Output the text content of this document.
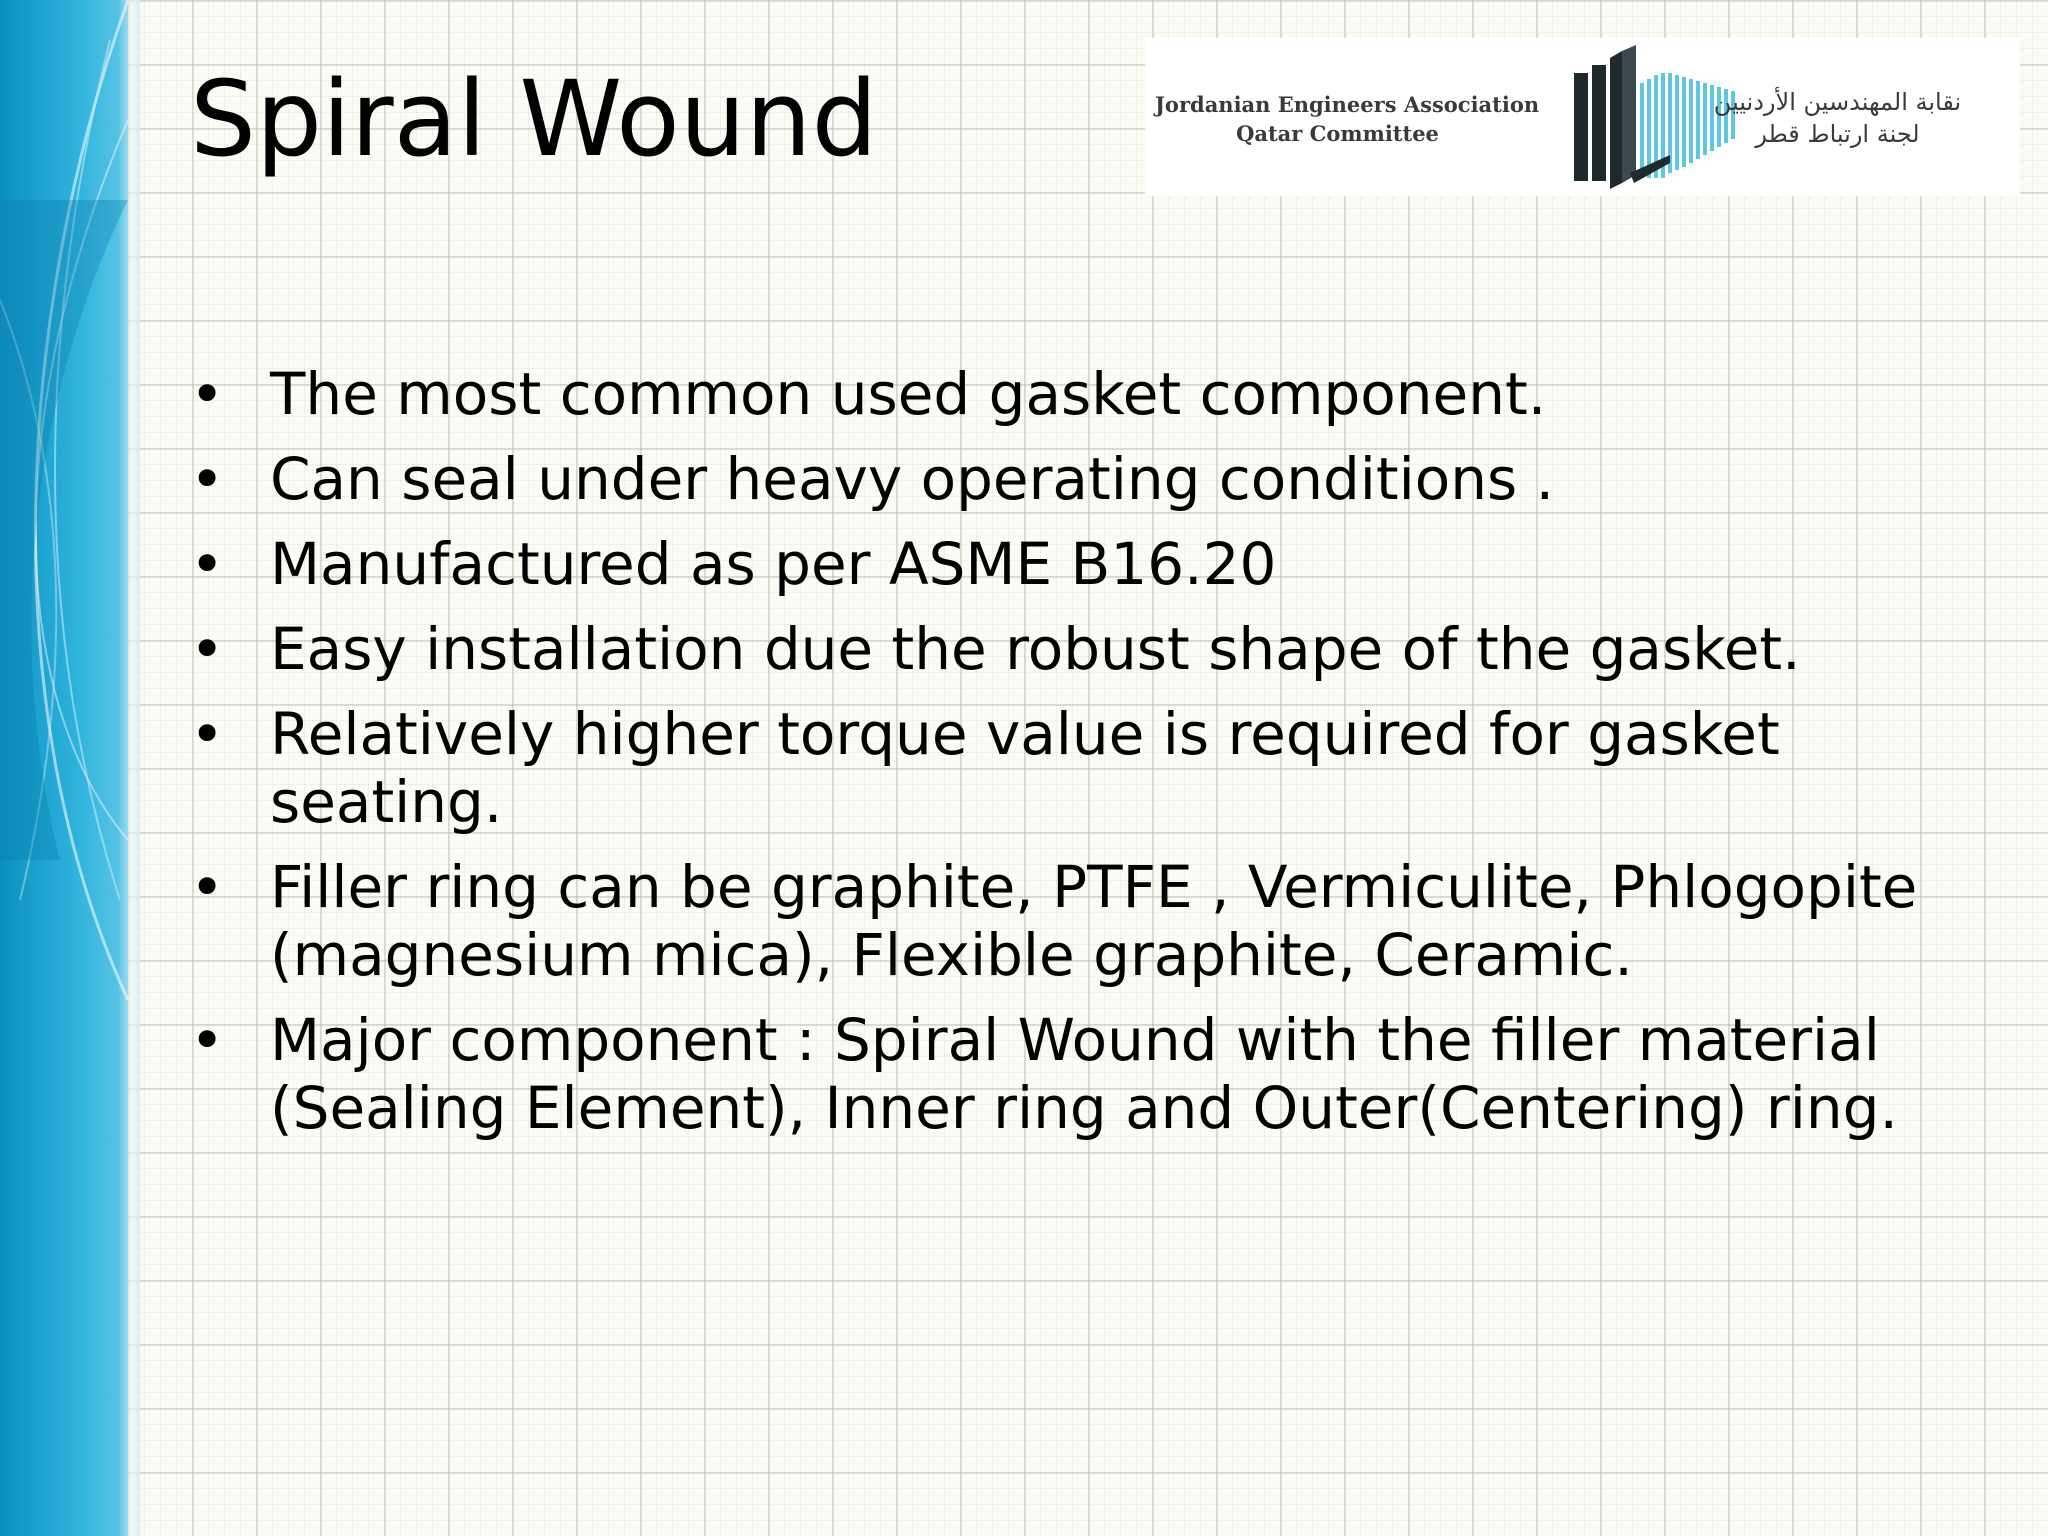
Spiral Wound	Jordanian Engineers Association
Qatar Committee
نقابة المهندسين الأردنيين
لجنة ارتباط قطر
• The most common used gasket component.
• Can seal under heavy operating conditions .
• Manufactured as per ASME B16.20
• Easy installation due the robust shape of the gasket.
• Relatively higher torque value is required for gasket seating.
• Filler ring can be graphite, PTFE , Vermiculite, Phlogopite (magnesium mica), Flexible graphite, Ceramic.
• Major component : Spiral Wound with the filler material (Sealing Element), Inner ring and Outer(Centering) ring.
